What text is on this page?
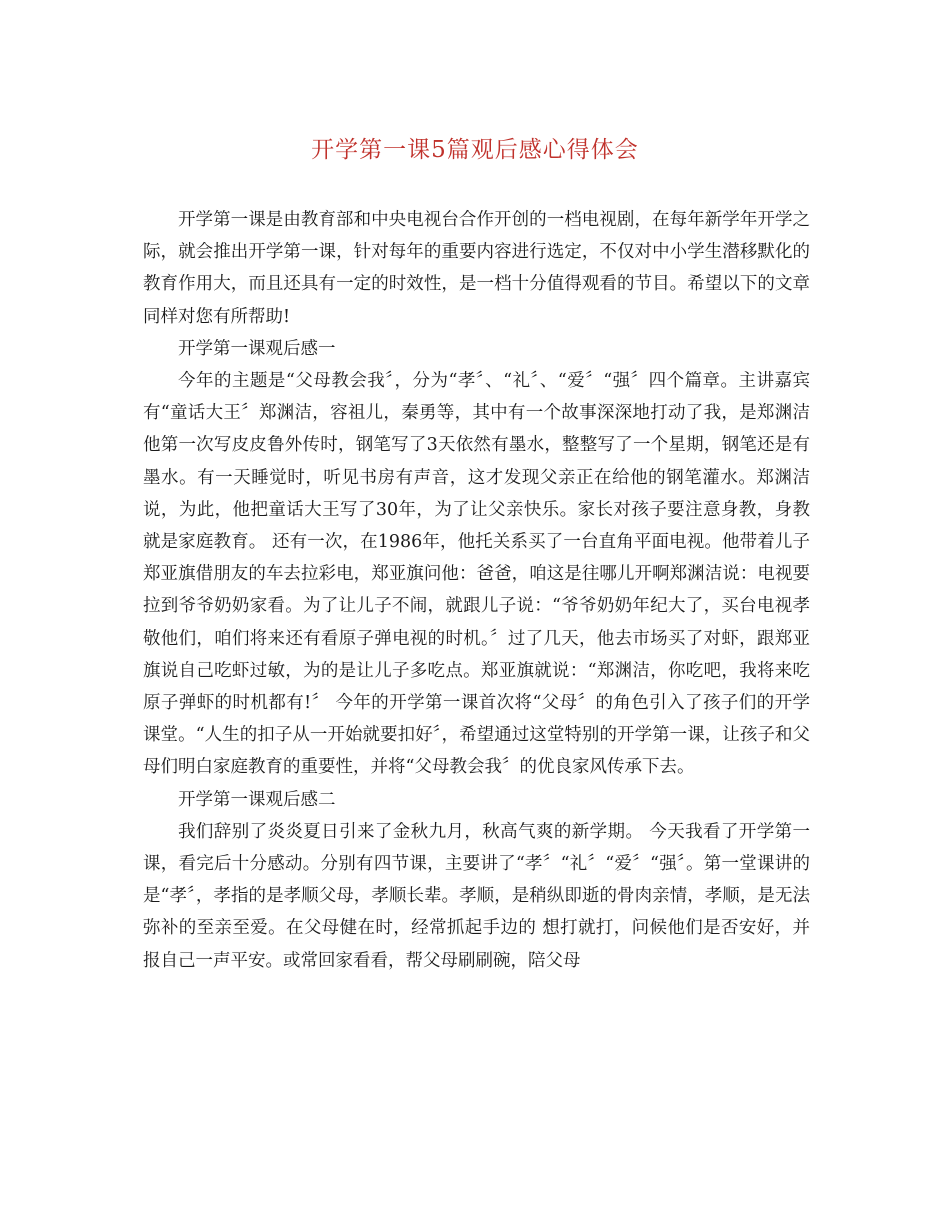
开学第一课5篇观后感心得体会

开学第一课是由教育部和中央电视台合作开创的一档电视剧，在每年新学年开学之际，就会推出开学第一课，针对每年的重要内容进行选定，不仅对中小学生潜移默化的教育作用大，而且还具有一定的时效性，是一档十分值得观看的节目。希望以下的文章同样对您有所帮助!

开学第一课观后感一

今年的主题是“父母教会我〞，分为“孝〞、“礼〞、“爱〞“强〞四个篇章。主讲嘉宾有“童话大王〞郑渊洁，容祖儿，秦勇等，其中有一个故事深深地打动了我，是郑渊洁他第一次写皮皮鲁外传时，钢笔写了3天依然有墨水，整整写了一个星期，钢笔还是有墨水。有一天睡觉时，听见书房有声音，这才发现父亲正在给他的钢笔灌水。郑渊洁说，为此，他把童话大王写了30年，为了让父亲快乐。家长对孩子要注意身教，身教就是家庭教育。 还有一次，在1986年，他托关系买了一台直角平面电视。他带着儿子郑亚旗借朋友的车去拉彩电，郑亚旗问他：爸爸，咱这是往哪儿开啊郑渊洁说：电视要拉到爷爷奶奶家看。为了让儿子不闹，就跟儿子说：“爷爷奶奶年纪大了，买台电视孝敬他们，咱们将来还有看原子弹电视的时机。〞过了几天，他去市场买了对虾，跟郑亚旗说自己吃虾过敏，为的是让儿子多吃点。郑亚旗就说：“郑渊洁，你吃吧，我将来吃原子弹虾的时机都有!〞 今年的开学第一课首次将“父母〞的角色引入了孩子们的开学课堂。“人生的扣子从一开始就要扣好〞，希望通过这堂特别的开学第一课，让孩子和父母们明白家庭教育的重要性，并将“父母教会我〞的优良家风传承下去。

开学第一课观后感二

我们辞别了炎炎夏日引来了金秋九月，秋高气爽的新学期。 今天我看了开学第一课，看完后十分感动。分别有四节课，主要讲了“孝〞“礼〞“爱〞“强〞。第一堂课讲的是“孝〞，孝指的是孝顺父母，孝顺长辈。孝顺，是稍纵即逝的骨肉亲情，孝顺，是无法弥补的至亲至爱。在父母健在时，经常抓起手边的 想打就打，问候他们是否安好，并报自己一声平安。或常回家看看，帮父母刷刷碗，陪父母
